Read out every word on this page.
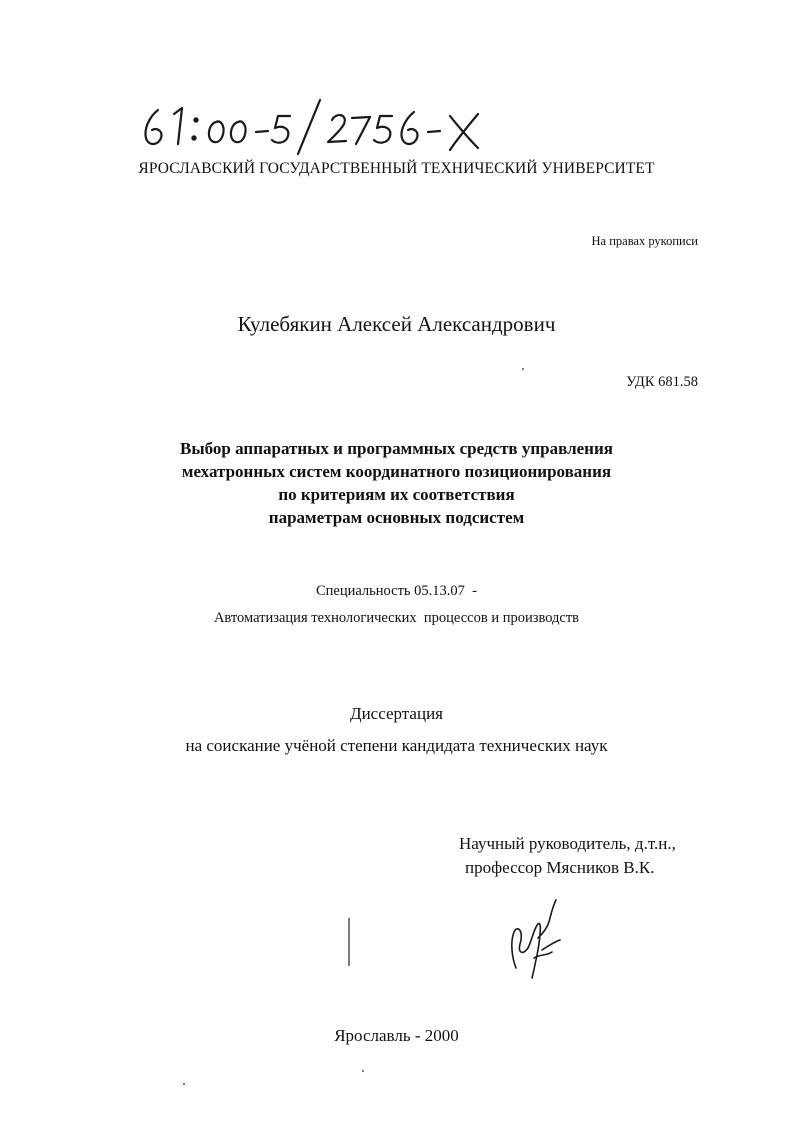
ЯРОСЛАВСКИЙ ГОСУДАРСТВЕННЫЙ ТЕХНИЧЕСКИЙ УНИВЕРСИТЕТ
На правах рукописи
Кулебякин Алексей Александрович
УДК 681.58
Выбор аппаратных и программных средств управления
мехатронных систем координатного позиционирования
по критериям их соответствия
параметрам основных подсистем
Специальность 05.13.07  -
Автоматизация технологических  процессов и производств
Диссертация
на соискание учёной степени кандидата технических наук
Научный руководитель, д.т.н.,
профессор Мясников В.К.
Ярославль - 2000
